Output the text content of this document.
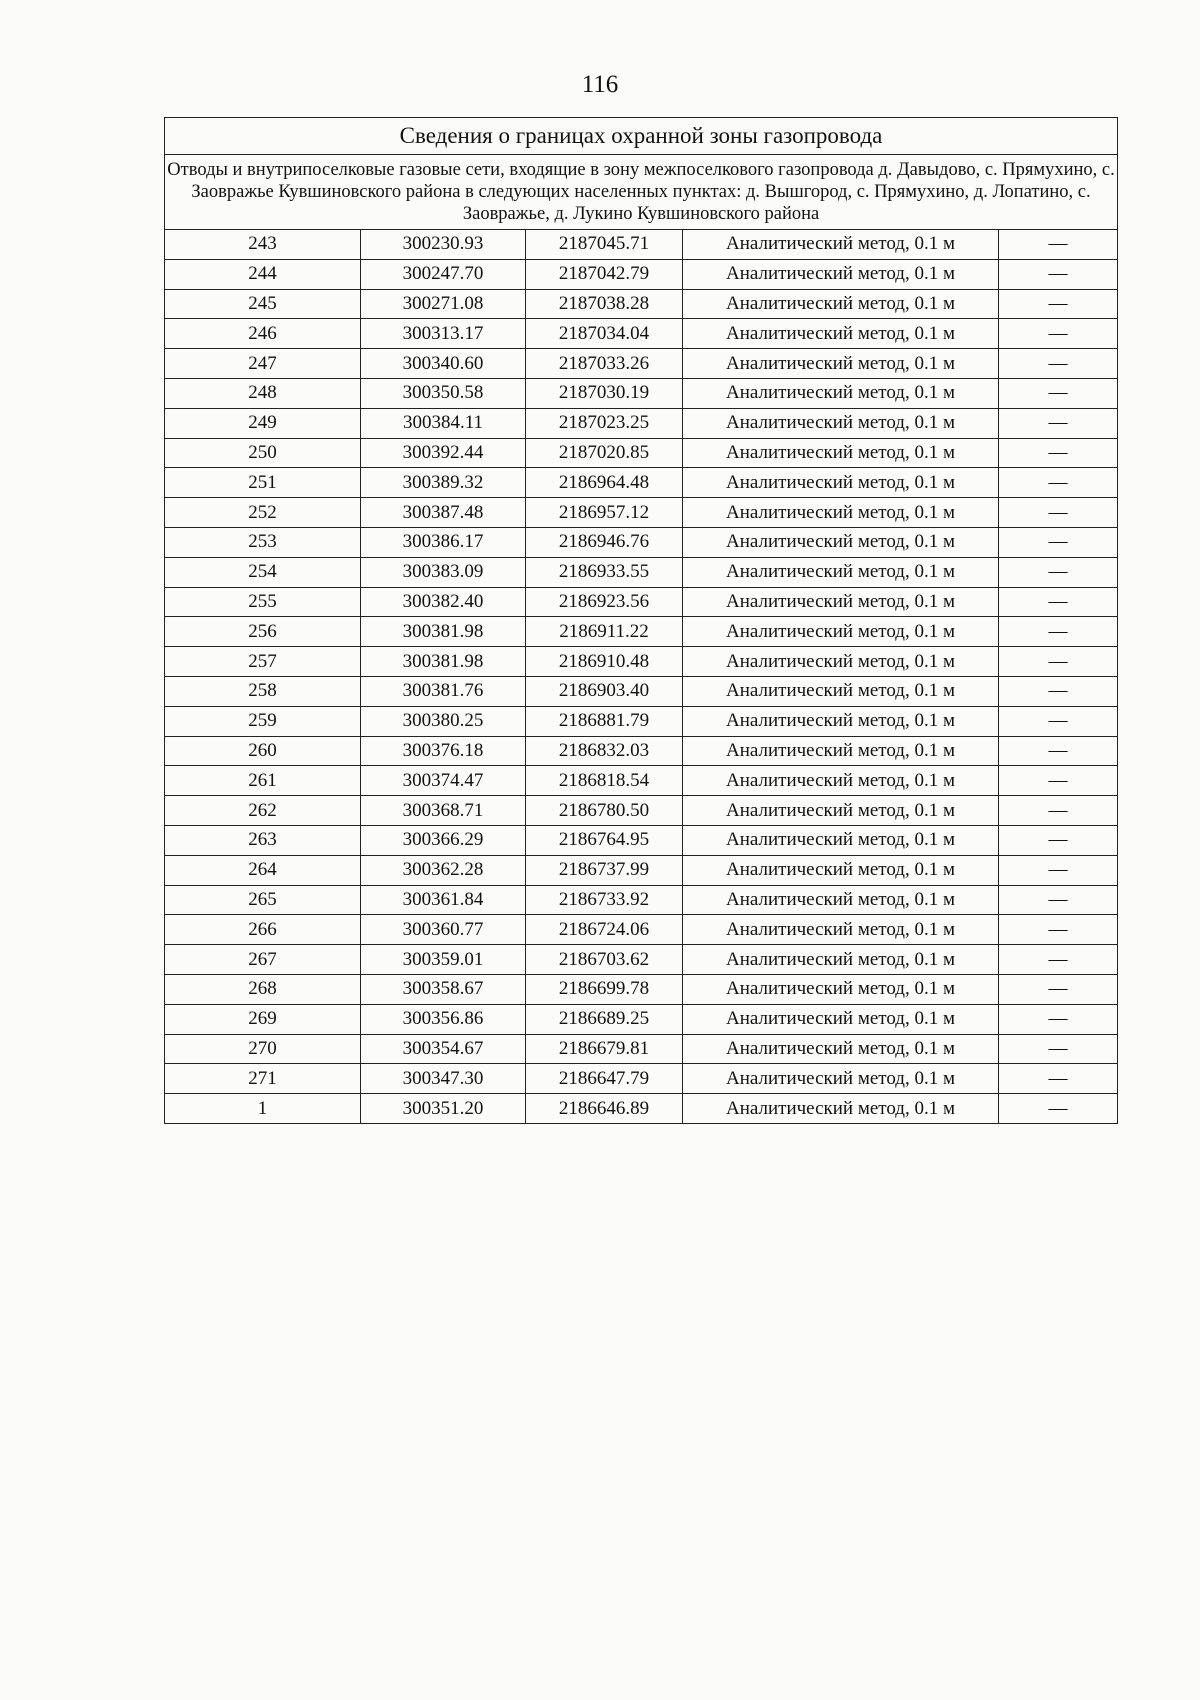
116
Сведения о границах охранной зоны газопровода				
Отводы и внутрипоселковые газовые сети, входящие в зону межпоселкового газопровода д. Давыдово, с. Прямухино, с. Заовражье Кувшиновского района в следующих населенных пунктах: д. Вышгород, с. Прямухино, д. Лопатино, с. Заовражье, д. Лукино Кувшиновского района				
243	300230.93	2187045.71	Аналитический метод, 0.1 м	—
244	300247.70	2187042.79	Аналитический метод, 0.1 м	—
245	300271.08	2187038.28	Аналитический метод, 0.1 м	—
246	300313.17	2187034.04	Аналитический метод, 0.1 м	—
247	300340.60	2187033.26	Аналитический метод, 0.1 м	—
248	300350.58	2187030.19	Аналитический метод, 0.1 м	—
249	300384.11	2187023.25	Аналитический метод, 0.1 м	—
250	300392.44	2187020.85	Аналитический метод, 0.1 м	—
251	300389.32	2186964.48	Аналитический метод, 0.1 м	—
252	300387.48	2186957.12	Аналитический метод, 0.1 м	—
253	300386.17	2186946.76	Аналитический метод, 0.1 м	—
254	300383.09	2186933.55	Аналитический метод, 0.1 м	—
255	300382.40	2186923.56	Аналитический метод, 0.1 м	—
256	300381.98	2186911.22	Аналитический метод, 0.1 м	—
257	300381.98	2186910.48	Аналитический метод, 0.1 м	—
258	300381.76	2186903.40	Аналитический метод, 0.1 м	—
259	300380.25	2186881.79	Аналитический метод, 0.1 м	—
260	300376.18	2186832.03	Аналитический метод, 0.1 м	—
261	300374.47	2186818.54	Аналитический метод, 0.1 м	—
262	300368.71	2186780.50	Аналитический метод, 0.1 м	—
263	300366.29	2186764.95	Аналитический метод, 0.1 м	—
264	300362.28	2186737.99	Аналитический метод, 0.1 м	—
265	300361.84	2186733.92	Аналитический метод, 0.1 м	—
266	300360.77	2186724.06	Аналитический метод, 0.1 м	—
267	300359.01	2186703.62	Аналитический метод, 0.1 м	—
268	300358.67	2186699.78	Аналитический метод, 0.1 м	—
269	300356.86	2186689.25	Аналитический метод, 0.1 м	—
270	300354.67	2186679.81	Аналитический метод, 0.1 м	—
271	300347.30	2186647.79	Аналитический метод, 0.1 м	—
1	300351.20	2186646.89	Аналитический метод, 0.1 м	—
